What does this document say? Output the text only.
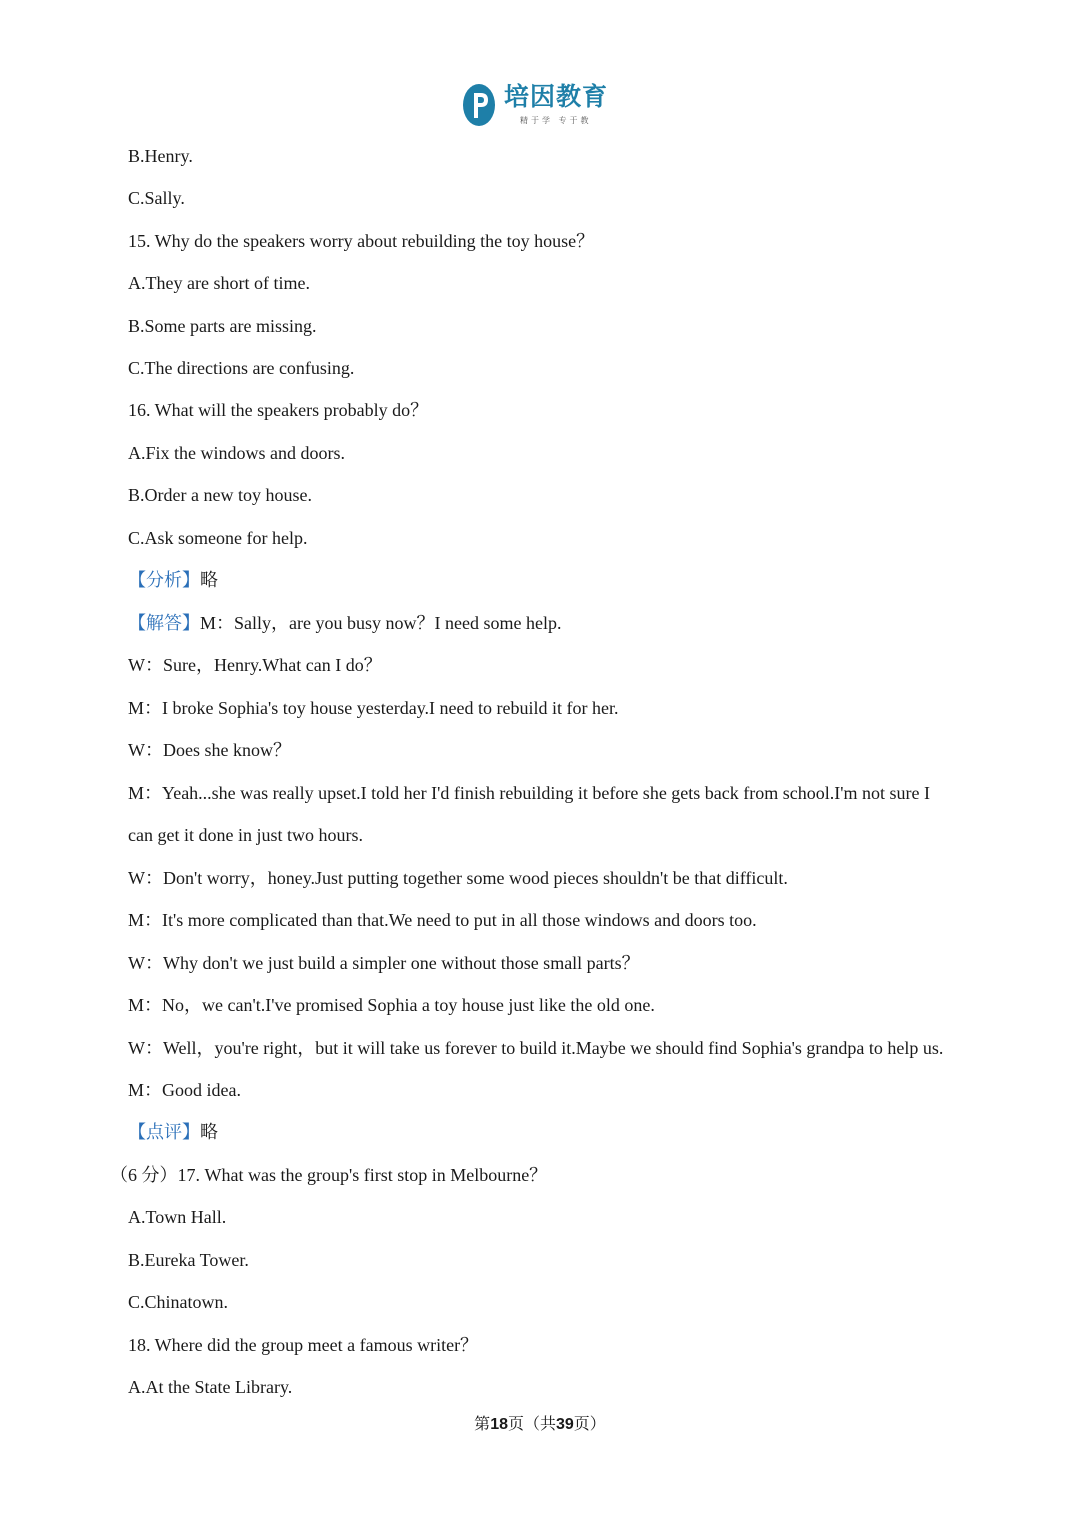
培因教育
精于学 专于教
B.Henry.
C.Sally.
15. Why do the speakers worry about rebuilding the toy house？
A.They are short of time.
B.Some parts are missing.
C.The directions are confusing.
16. What will the speakers probably do？
A.Fix the windows and doors.
B.Order a new toy house.
C.Ask someone for help.
【分析】略
【解答】M：Sally，are you busy now？I need some help.
W：Sure，Henry.What can I do？
M：I broke Sophia's toy house yesterday.I need to rebuild it for her.
W：Does she know？
M：Yeah...she was really upset.I told her I'd finish rebuilding it before she gets back from school.I'm not sure I
can get it done in just two hours.
W：Don't worry，honey.Just putting together some wood pieces shouldn't be that difficult.
M：It's more complicated than that.We need to put in all those windows and doors too.
W：Why don't we just build a simpler one without those small parts？
M：No，we can't.I've promised Sophia a toy house just like the old one.
W：Well，you're right，but it will take us forever to build it.Maybe we should find Sophia's grandpa to help us.
M：Good idea.
【点评】略
（6 分）17. What was the group's first stop in Melbourne？
A.Town Hall.
B.Eureka Tower.
C.Chinatown.
18. Where did the group meet a famous writer？
A.At the State Library.
第18页（共39页）
